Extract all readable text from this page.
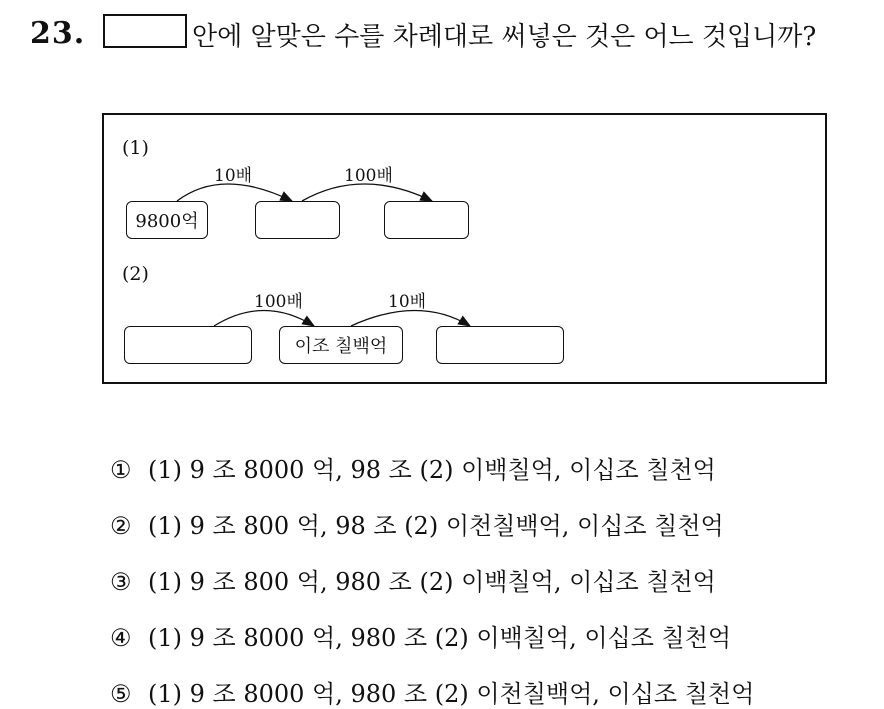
23.	안에 알맞은 수를 차례대로 써넣은 것은 어느 것입니까?
(1)
10배	100배
9800억
(2)
100배	10배
이조 칠백억
① (1) 9 조 8000 억, 98 조 (2) 이백칠억, 이십조 칠천억
② (1) 9 조 800 억, 98 조 (2) 이천칠백억, 이십조 칠천억
③ (1) 9 조 800 억, 980 조 (2) 이백칠억, 이십조 칠천억
④ (1) 9 조 8000 억, 980 조 (2) 이백칠억, 이십조 칠천억
⑤ (1) 9 조 8000 억, 980 조 (2) 이천칠백억, 이십조 칠천억
